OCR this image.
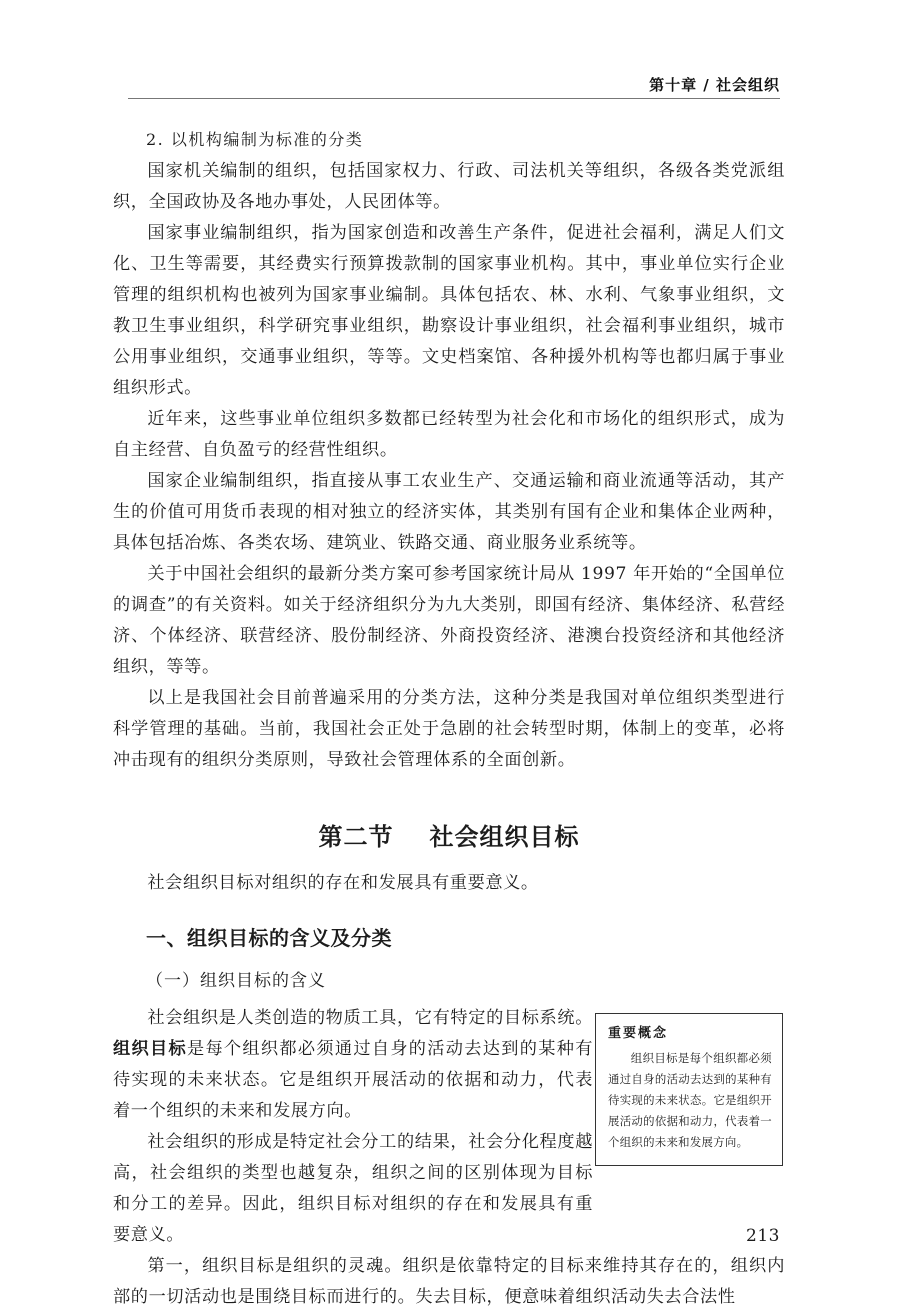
第十章 / 社会组织

2. 以机构编制为标准的分类

国家机关编制的组织，包括国家权力、行政、司法机关等组织，各级各类党派组织，全国政协及各地办事处，人民团体等。

国家事业编制组织，指为国家创造和改善生产条件，促进社会福利，满足人们文化、卫生等需要，其经费实行预算拨款制的国家事业机构。其中，事业单位实行企业管理的组织机构也被列为国家事业编制。具体包括农、林、水利、气象事业组织，文教卫生事业组织，科学研究事业组织，勘察设计事业组织，社会福利事业组织，城市公用事业组织，交通事业组织，等等。文史档案馆、各种援外机构等也都归属于事业组织形式。

近年来，这些事业单位组织多数都已经转型为社会化和市场化的组织形式，成为自主经营、自负盈亏的经营性组织。

国家企业编制组织，指直接从事工农业生产、交通运输和商业流通等活动，其产生的价值可用货币表现的相对独立的经济实体，其类别有国有企业和集体企业两种，具体包括冶炼、各类农场、建筑业、铁路交通、商业服务业系统等。

关于中国社会组织的最新分类方案可参考国家统计局从 1997 年开始的“全国单位的调查”的有关资料。如关于经济组织分为九大类别，即国有经济、集体经济、私营经济、个体经济、联营经济、股份制经济、外商投资经济、港澳台投资经济和其他经济组织，等等。

以上是我国社会目前普遍采用的分类方法，这种分类是我国对单位组织类型进行科学管理的基础。当前，我国社会正处于急剧的社会转型时期，体制上的变革，必将冲击现有的组织分类原则，导致社会管理体系的全面创新。

第二节 社会组织目标

社会组织目标对组织的存在和发展具有重要意义。

一、组织目标的含义及分类
（一）组织目标的含义

社会组织是人类创造的物质工具，它有特定的目标系统。组织目标是每个组织都必须通过自身的活动去达到的某种有待实现的未来状态。它是组织开展活动的依据和动力，代表着一个组织的未来和发展方向。

社会组织的形成是特定社会分工的结果，社会分化程度越高，社会组织的类型也越复杂，组织之间的区别体现为目标和分工的差异。因此，组织目标对组织的存在和发展具有重要意义。

重要概念
组织目标是每个组织都必须通过自身的活动去达到的某种有待实现的未来状态。它是组织开展活动的依据和动力，代表着一个组织的未来和发展方向。

第一，组织目标是组织的灵魂。组织是依靠特定的目标来维持其存在的，组织内部的一切活动也是围绕目标而进行的。失去目标，便意味着组织活动失去合法性

213
